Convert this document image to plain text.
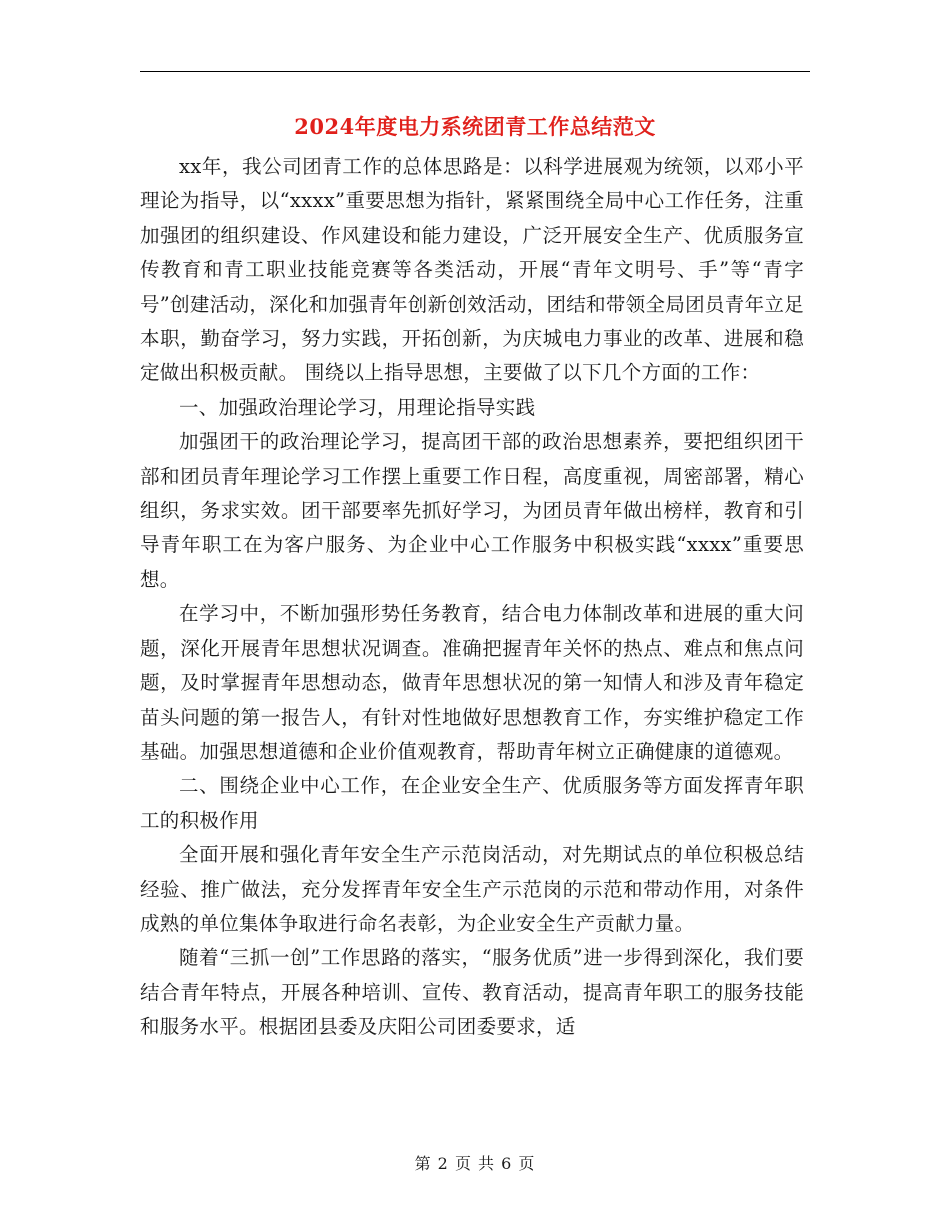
2024年度电力系统团青工作总结范文

xx年，我公司团青工作的总体思路是：以科学进展观为统领，以邓小平理论为指导，以“xxxx”重要思想为指针，紧紧围绕全局中心工作任务，注重加强团的组织建设、作风建设和能力建设，广泛开展安全生产、优质服务宣传教育和青工职业技能竞赛等各类活动，开展“青年文明号、手”等“青字号”创建活动，深化和加强青年创新创效活动，团结和带领全局团员青年立足本职，勤奋学习，努力实践，开拓创新，为庆城电力事业的改革、进展和稳定做出积极贡献。 围绕以上指导思想，主要做了以下几个方面的工作：

一、加强政治理论学习，用理论指导实践

加强团干的政治理论学习，提高团干部的政治思想素养，要把组织团干部和团员青年理论学习工作摆上重要工作日程，高度重视，周密部署，精心组织，务求实效。团干部要率先抓好学习，为团员青年做出榜样，教育和引导青年职工在为客户服务、为企业中心工作服务中积极实践“xxxx”重要思想。

在学习中，不断加强形势任务教育，结合电力体制改革和进展的重大问题，深化开展青年思想状况调查。准确把握青年关怀的热点、难点和焦点问题，及时掌握青年思想动态，做青年思想状况的第一知情人和涉及青年稳定苗头问题的第一报告人，有针对性地做好思想教育工作，夯实维护稳定工作基础。加强思想道德和企业价值观教育，帮助青年树立正确健康的道德观。

二、围绕企业中心工作，在企业安全生产、优质服务等方面发挥青年职工的积极作用

全面开展和强化青年安全生产示范岗活动，对先期试点的单位积极总结经验、推广做法，充分发挥青年安全生产示范岗的示范和带动作用，对条件成熟的单位集体争取进行命名表彰，为企业安全生产贡献力量。

随着“三抓一创”工作思路的落实，“服务优质”进一步得到深化，我们要结合青年特点，开展各种培训、宣传、教育活动，提高青年职工的服务技能和服务水平。根据团县委及庆阳公司团委要求，适

第 2 页 共 6 页
